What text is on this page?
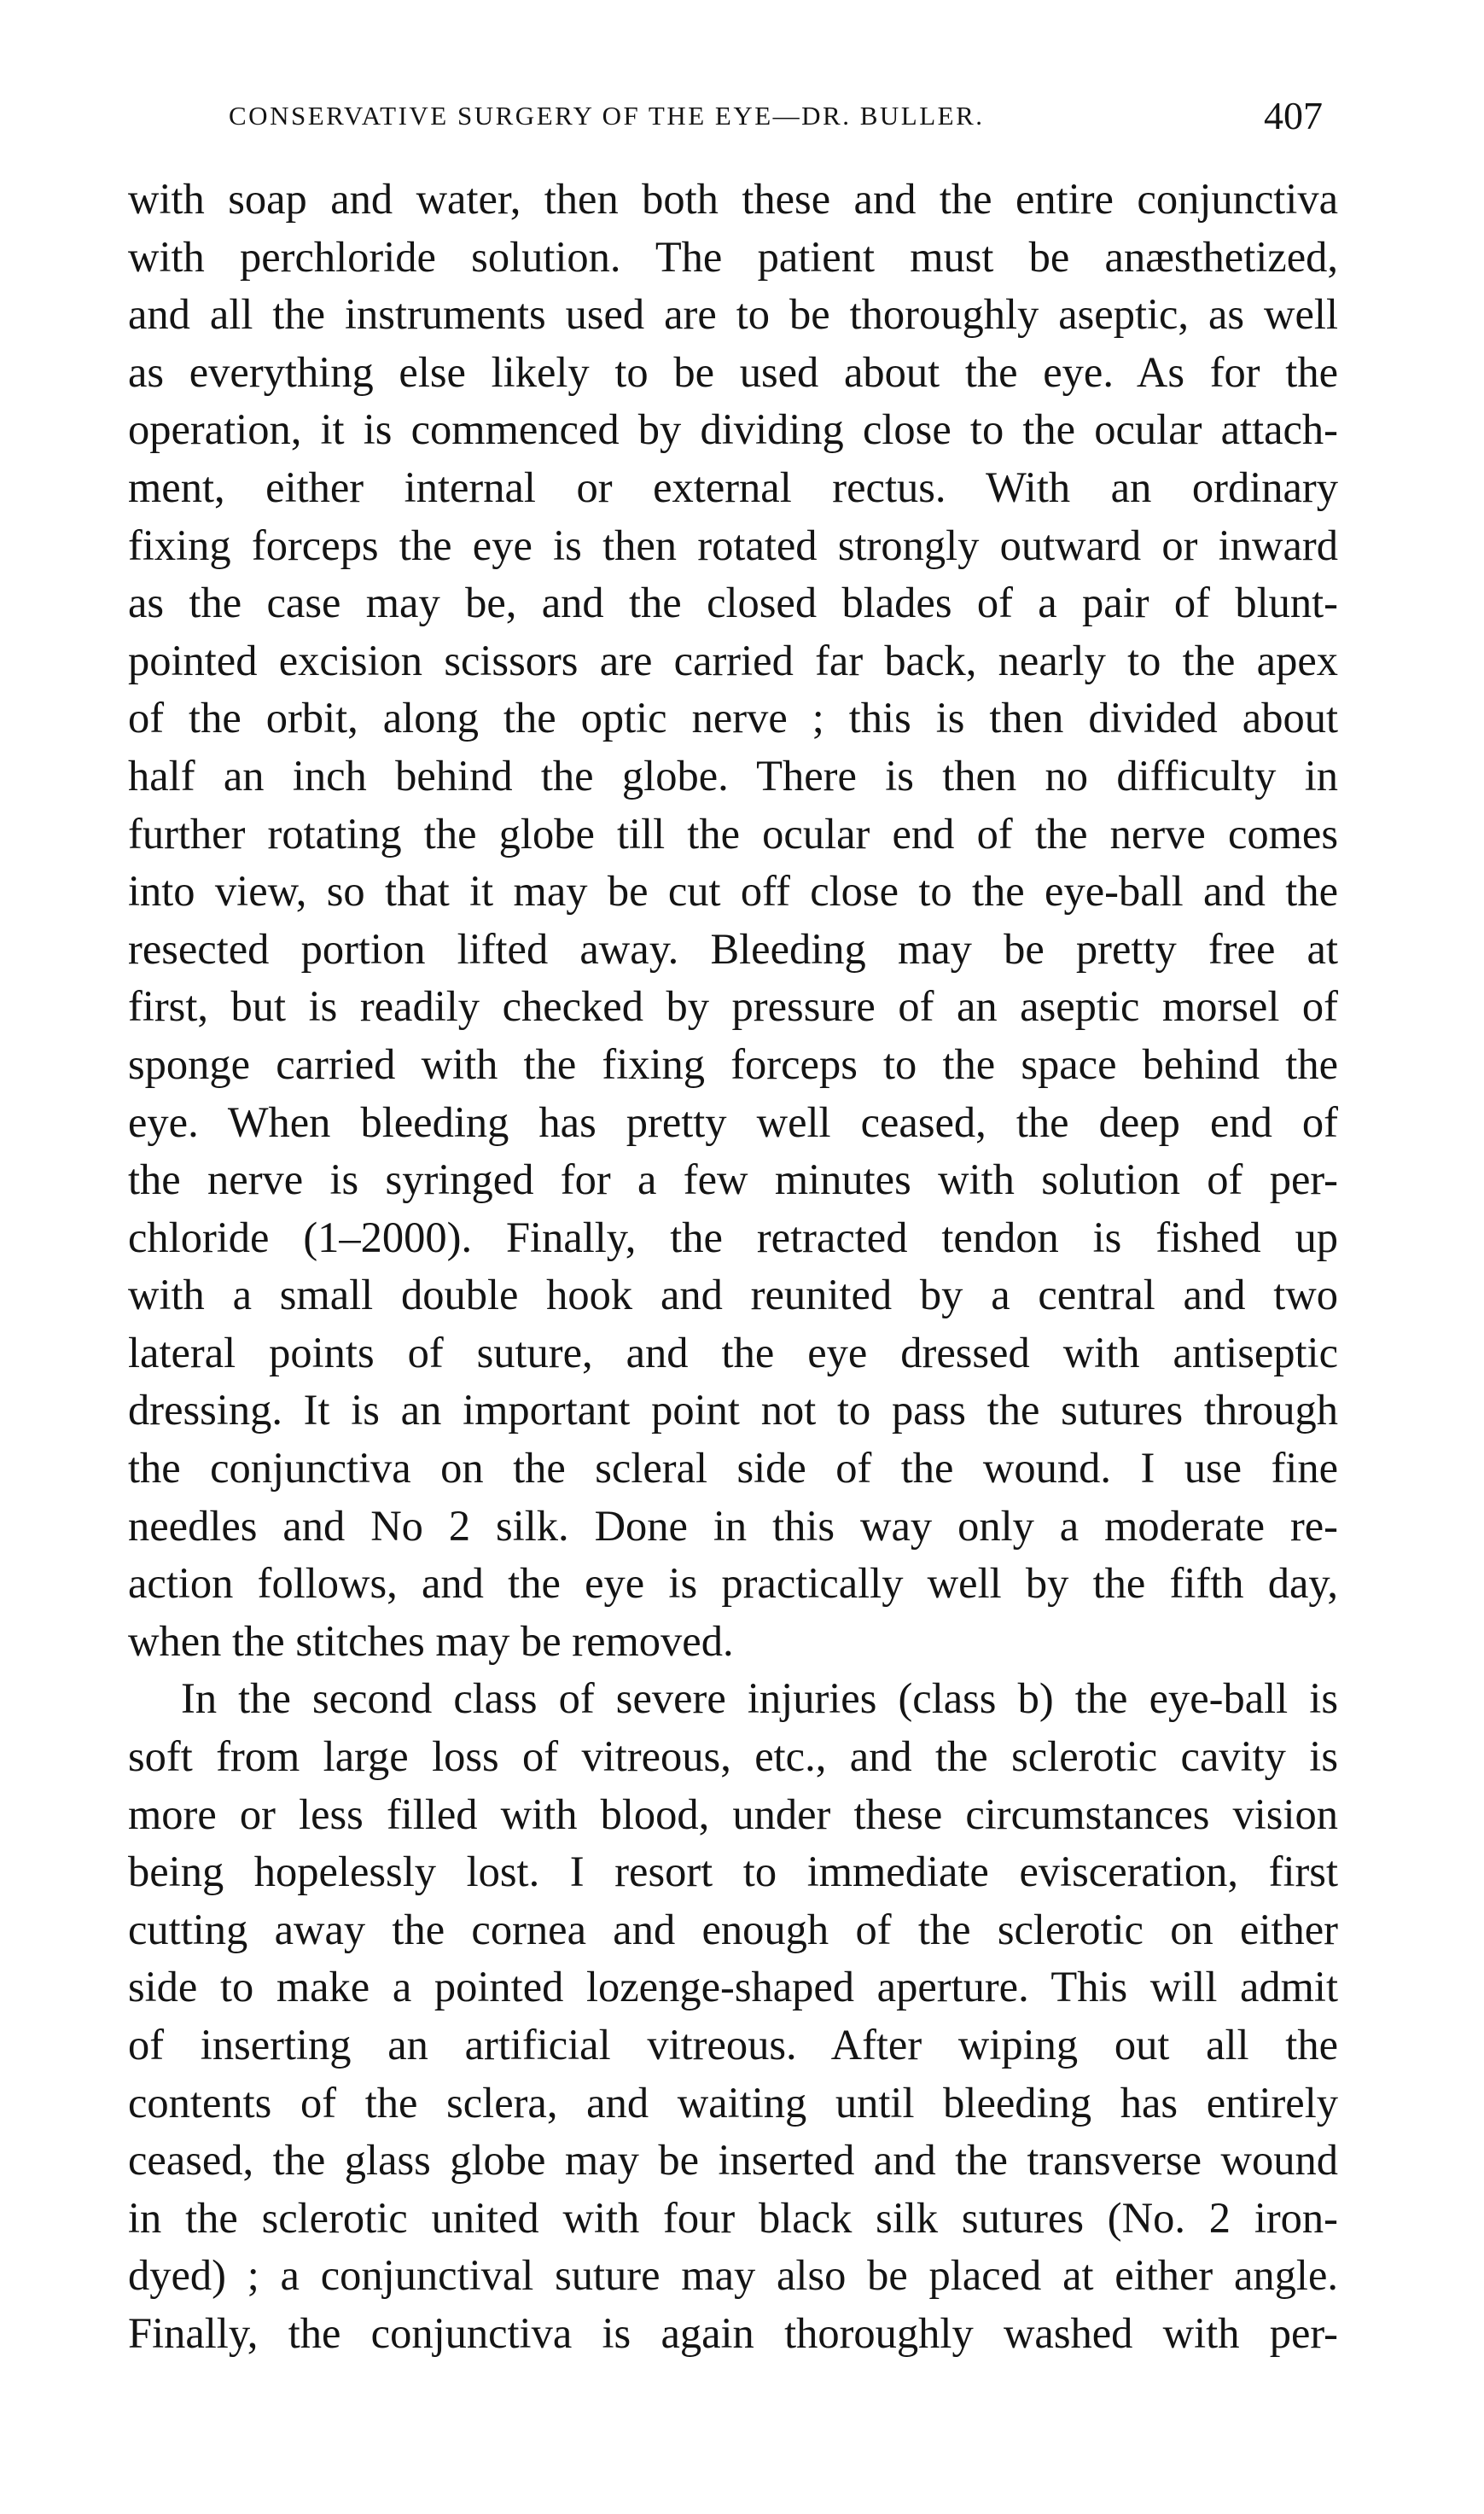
CONSERVATIVE SURGERY OF THE EYE—DR. BULLER.	407
with soap and water, then both these and the entire conjunctiva
with perchloride solution. The patient must be anæsthetized,
and all the instruments used are to be thoroughly aseptic, as well
as everything else likely to be used about the eye. As for the
operation, it is commenced by dividing close to the ocular attach-
ment, either internal or external rectus. With an ordinary
fixing forceps the eye is then rotated strongly outward or inward
as the case may be, and the closed blades of a pair of blunt-
pointed excision scissors are carried far back, nearly to the apex
of the orbit, along the optic nerve ; this is then divided about
half an inch behind the globe. There is then no difficulty in
further rotating the globe till the ocular end of the nerve comes
into view, so that it may be cut off close to the eye-ball and the
resected portion lifted away. Bleeding may be pretty free at
first, but is readily checked by pressure of an aseptic morsel of
sponge carried with the fixing forceps to the space behind the
eye. When bleeding has pretty well ceased, the deep end of
the nerve is syringed for a few minutes with solution of per-
chloride (1–2000). Finally, the retracted tendon is fished up
with a small double hook and reunited by a central and two
lateral points of suture, and the eye dressed with antiseptic
dressing. It is an important point not to pass the sutures through
the conjunctiva on the scleral side of the wound. I use fine
needles and No 2 silk. Done in this way only a moderate re-
action follows, and the eye is practically well by the fifth day,
when the stitches may be removed.
In the second class of severe injuries (class b) the eye-ball is
soft from large loss of vitreous, etc., and the sclerotic cavity is
more or less filled with blood, under these circumstances vision
being hopelessly lost. I resort to immediate evisceration, first
cutting away the cornea and enough of the sclerotic on either
side to make a pointed lozenge-shaped aperture. This will admit
of inserting an artificial vitreous. After wiping out all the
contents of the sclera, and waiting until bleeding has entirely
ceased, the glass globe may be inserted and the transverse wound
in the sclerotic united with four black silk sutures (No. 2 iron-
dyed) ; a conjunctival suture may also be placed at either angle.
Finally, the conjunctiva is again thoroughly washed with per-
